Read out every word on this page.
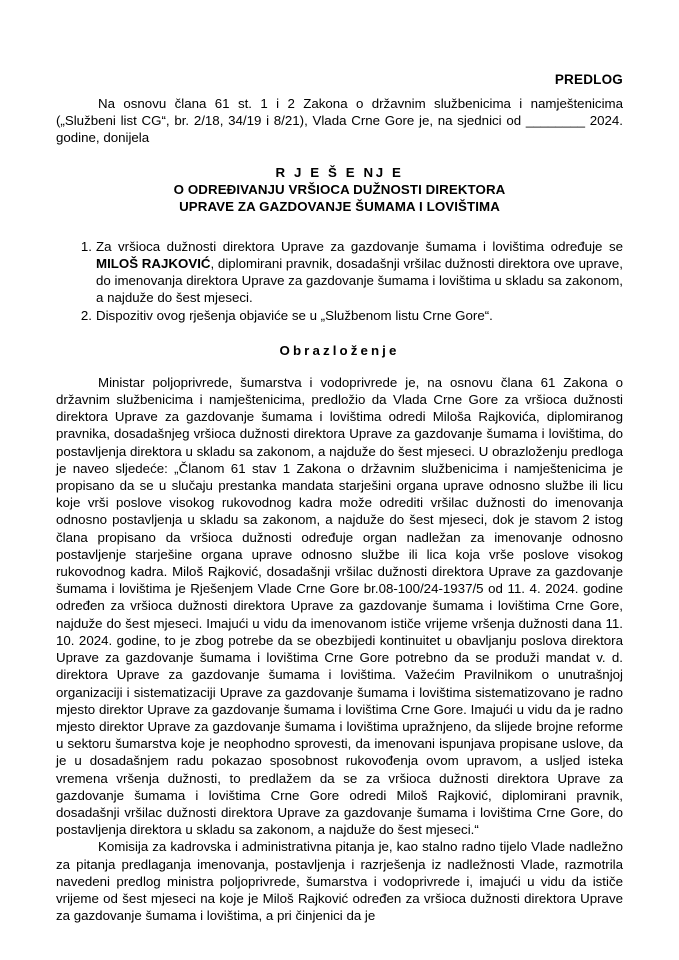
PREDLOG
Na osnovu člana 61 st. 1 i 2 Zakona o državnim službenicima i namještenicima („Službeni list CG“, br. 2/18, 34/19 i 8/21), Vlada Crne Gore je, na sjednici od ________ 2024. godine, donijela
R J E Š E NJ E
O ODREĐIVANJU VRŠIOCA DUŽNOSTI DIREKTORA
UPRAVE ZA GAZDOVANJE ŠUMAMA I LOVIŠTIMA
1. Za vršioca dužnosti direktora Uprave za gazdovanje šumama i lovištima određuje se MILOŠ RAJKOVIĆ, diplomirani pravnik, dosadašnji vršilac dužnosti direktora ove uprave, do imenovanja direktora Uprave za gazdovanje šumama i lovištima u skladu sa zakonom, a najduže do šest mjeseci.
2. Dispozitiv ovog rješenja objaviće se u „Službenom listu Crne Gore“.
Obrazloženje

Ministar poljoprivrede, šumarstva i vodoprivrede je, na osnovu člana 61 Zakona o državnim službenicima i namještenicima, predložio da Vlada Crne Gore za vršioca dužnosti direktora Uprave za gazdovanje šumama i lovištima odredi Miloša Rajkovića, diplomiranog pravnika, dosadašnjeg vršioca dužnosti direktora Uprave za gazdovanje šumama i lovištima, do postavljenja direktora u skladu sa zakonom, a najduže do šest mjeseci. U obrazloženju predloga je naveo sljedeće: „Članom 61 stav 1 Zakona o državnim službenicima i namještenicima je propisano da se u slučaju prestanka mandata starješini organa uprave odnosno službe ili licu koje vrši poslove visokog rukovodnog kadra može odrediti vršilac dužnosti do imenovanja odnosno postavljenja u skladu sa zakonom, a najduže do šest mjeseci, dok je stavom 2 istog člana propisano da vršioca dužnosti određuje organ nadležan za imenovanje odnosno postavljenje starješine organa uprave odnosno službe ili lica koja vrše poslove visokog rukovodnog kadra. Miloš Rajković, dosadašnji vršilac dužnosti direktora Uprave za gazdovanje šumama i lovištima je Rješenjem Vlade Crne Gore br.08-100/24-1937/5 od 11. 4. 2024. godine određen za vršioca dužnosti direktora Uprave za gazdovanje šumama i lovištima Crne Gore, najduže do šest mjeseci. Imajući u vidu da imenovanom ističe vrijeme vršenja dužnosti dana 11. 10. 2024. godine, to je zbog potrebe da se obezbijedi kontinuitet u obavljanju poslova direktora Uprave za gazdovanje šumama i lovištima Crne Gore potrebno da se produži mandat v. d. direktora Uprave za gazdovanje šumama i lovištima. Važećim Pravilnikom o unutrašnjoj organizaciji i sistematizaciji Uprave za gazdovanje šumama i lovištima sistematizovano je radno mjesto direktor Uprave za gazdovanje šumama i lovištima Crne Gore. Imajući u vidu da je radno mjesto direktor Uprave za gazdovanje šumama i lovištima upražnjeno, da slijede brojne reforme u sektoru šumarstva koje je neophodno sprovesti, da imenovani ispunjava propisane uslove, da je u dosadašnjem radu pokazao sposobnost rukovođenja ovom upravom, a usljed isteka vremena vršenja dužnosti, to predlažem da se za vršioca dužnosti direktora Uprave za gazdovanje šumama i lovištima Crne Gore odredi Miloš Rajković, diplomirani pravnik, dosadašnji vršilac dužnosti direktora Uprave za gazdovanje šumama i lovištima Crne Gore, do postavljenja direktora u skladu sa zakonom, a najduže do šest mjeseci.“

Komisija za kadrovska i administrativna pitanja je, kao stalno radno tijelo Vlade nadležno za pitanja predlaganja imenovanja, postavljenja i razrješenja iz nadležnosti Vlade, razmotrila navedeni predlog ministra poljoprivrede, šumarstva i vodoprivrede i, imajući u vidu da ističe vrijeme od šest mjeseci na koje je Miloš Rajković određen za vršioca dužnosti direktora Uprave za gazdovanje šumama i lovištima, a pri činjenici da je
